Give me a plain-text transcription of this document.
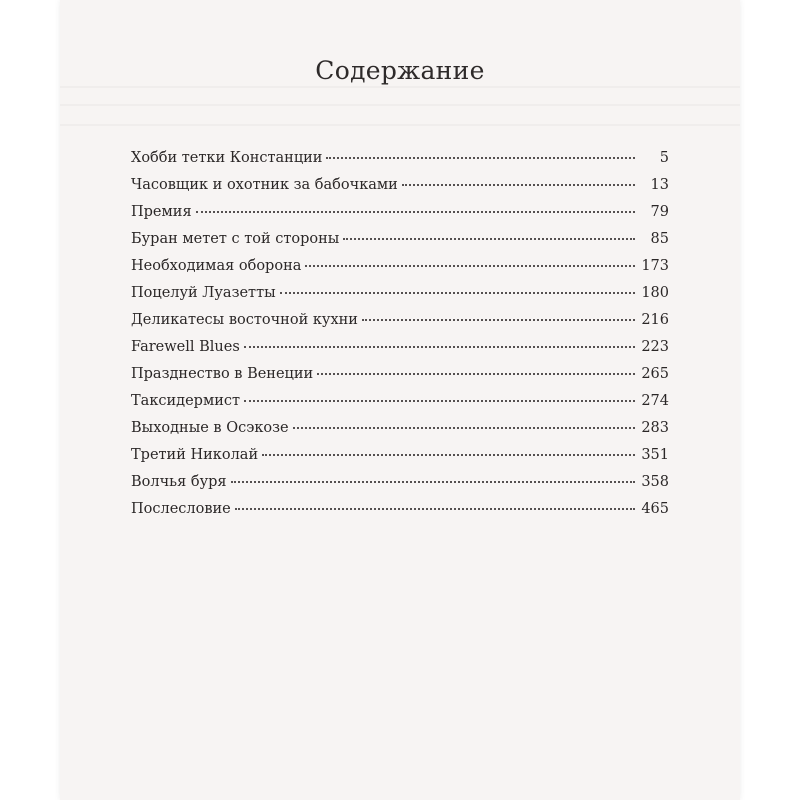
Содержание
Хобби тетки Констанции	5
Часовщик и охотник за бабочками	13
Премия	79
Буран метет с той стороны	85
Необходимая оборона	173
Поцелуй Луазетты	180
Деликатесы восточной кухни	216
Farewell Blues	223
Празднество в Венеции	265
Таксидермист	274
Выходные в Осэкозе	283
Третий Николай	351
Волчья буря	358
Послесловие	465
